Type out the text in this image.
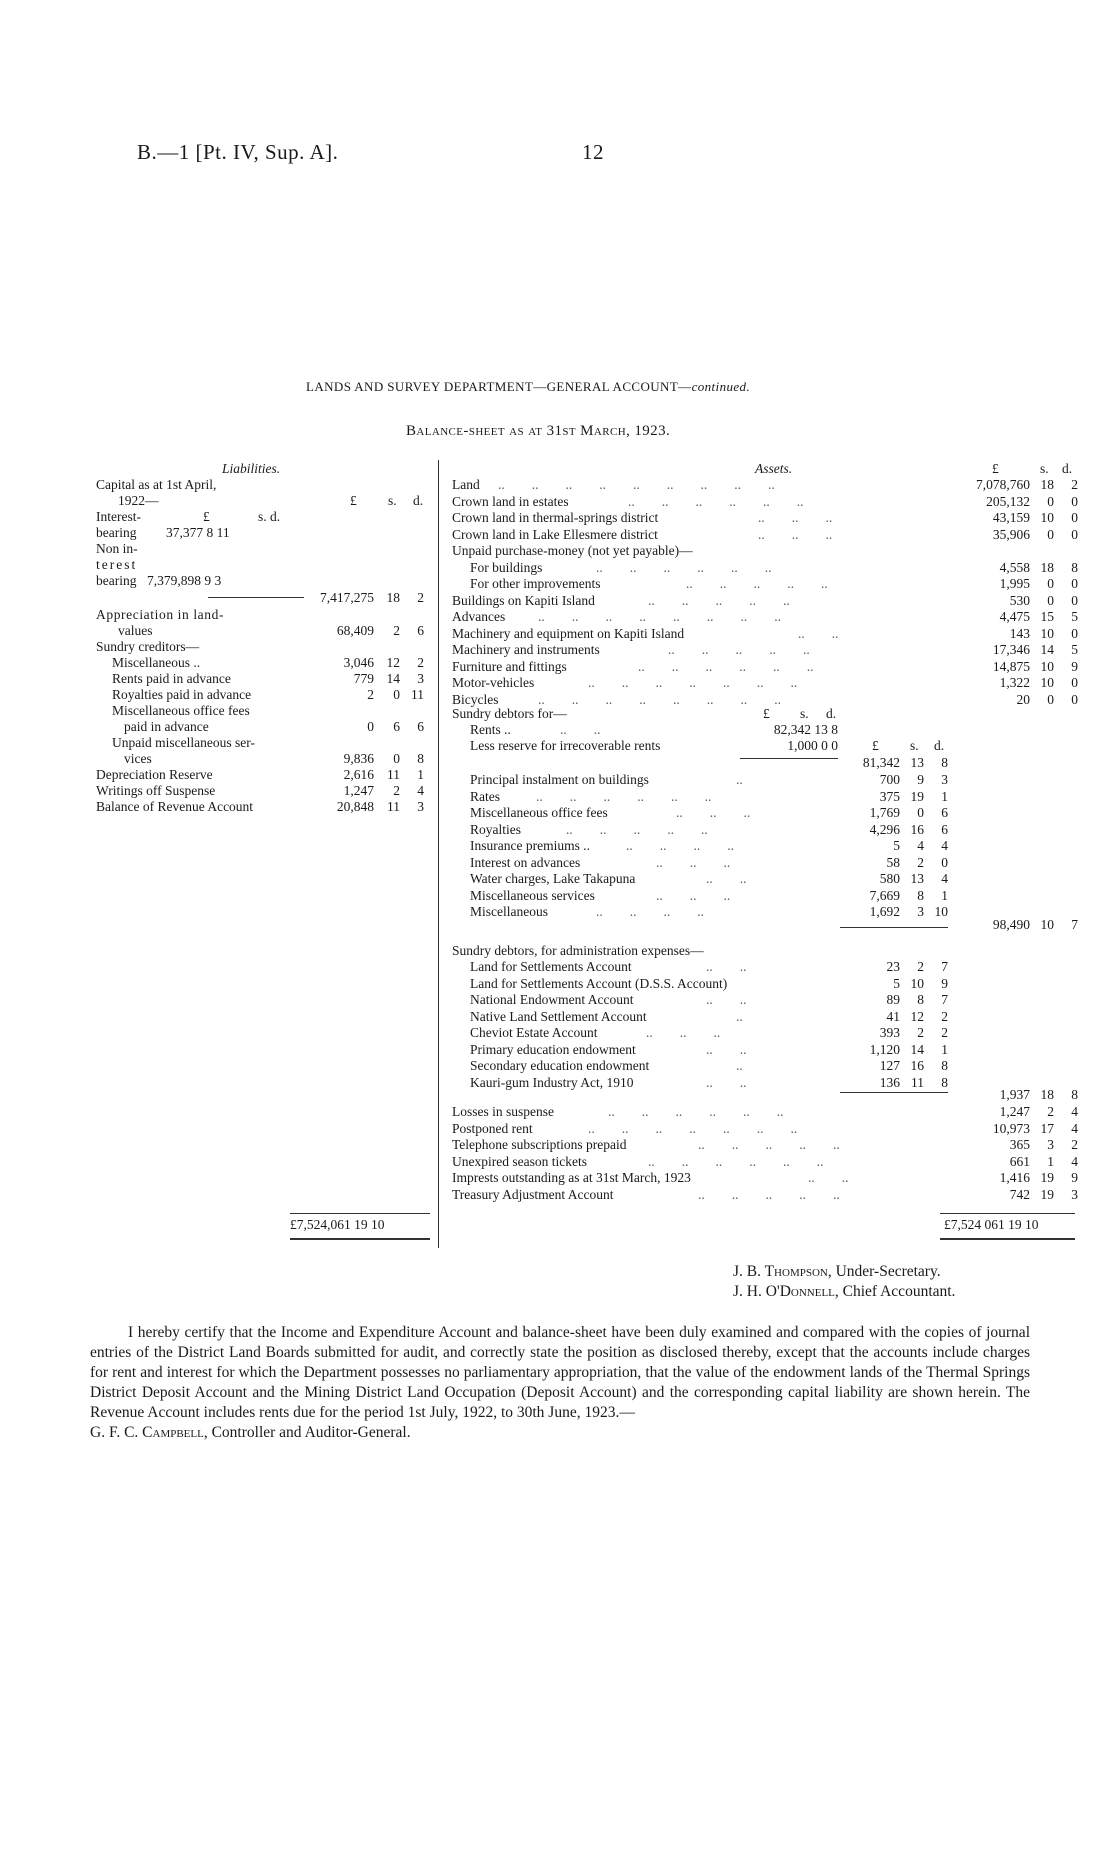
B.—1 [Pt. IV, Sup. A].	12
LANDS AND SURVEY DEPARTMENT—GENERAL ACCOUNT—continued.
Balance-sheet as at 31st March, 1923.
Liabilities.
Capital as at 1st April,
1922—	£ s. d.
Interest-	£	s. d.
bearing 37,377 8 11
Non in-
terest
bearing 7,379,898 9 3
7,417,275 18	2
Appreciation in land-
values	68,409	2	6
Sundry creditors—
Miscellaneous ..	3,046 12	2
Rents paid in advance	779 14	3
Royalties paid in advance	2	0 11
Miscellaneous office fees
paid in advance	0	6	6
Unpaid miscellaneous ser-
vices	9,836	0	8
Depreciation Reserve	2,616 11	1
Writings off Suspense	1,247	2	4
Balance of Revenue Account	20,848 11	3
£7,524,061 19 10
Assets.	£	s. d.
Land ..        ..        ..        ..        ..        ..        ..        ..        ..	7,078,760 18	2
Crown land in estates	..        ..        ..        ..        ..        ..	205,132	0	0
Crown land in thermal-springs district	..        ..        ..	43,159 10	0
Crown land in Lake Ellesmere district	..        ..        ..	35,906	0	0
Unpaid purchase-money (not yet payable)—
For buildings	..        ..        ..        ..        ..        ..	4,558 18	8
For other improvements	..        ..        ..        ..        ..	1,995	0	0
Buildings on Kapiti Island	..        ..        ..        ..        ..	530	0	0
Advances ..        ..        ..        ..        ..        ..        ..        ..	4,475 15	5
Machinery and equipment on Kapiti Island	..        ..	143 10	0
Machinery and instruments	..        ..        ..        ..        ..	17,346 14	5
Furniture and fittings	..        ..        ..        ..        ..        ..	14,875 10	9
Motor-vehicles	..        ..        ..        ..        ..        ..        ..	1,322 10	0
Bicycles	..        ..        ..        ..        ..        ..        ..        ..	20	0	0
Sundry debtors for—	£ s. d.
Rents ..	..        ..	82,342 13 8
Less reserve for irrecoverable rents	1,000 0 0	£ s. d.
81,342 13	8
Principal instalment on buildings	..	700	9	3
Rates	..        ..        ..        ..        ..        ..	375 19	1
Miscellaneous office fees	..        ..        ..	1,769	0	6
Royalties	..        ..        ..        ..        ..	4,296 16	6
Insurance premiums ..	..        ..        ..        ..	5	4	4
Interest on advances	..        ..        ..	58	2	0
Water charges, Lake Takapuna	..        ..	580 13	4
Miscellaneous services	..        ..        ..	7,669	8	1
Miscellaneous	..        ..        ..        ..	1,692	3 10
98,490 10	7
Sundry debtors, for administration expenses—
Land for Settlements Account	..        ..	23	2	7
Land for Settlements Account (D.S.S. Account)	5 10	9
National Endowment Account	..        ..	89	8	7
Native Land Settlement Account	..	41 12	2
Cheviot Estate Account	..        ..        ..	393	2	2
Primary education endowment	..        ..	1,120 14	1
Secondary education endowment	..	127 16	8
Kauri-gum Industry Act, 1910	..        ..	136 11	8
1,937 18	8
Losses in suspense	..        ..        ..        ..        ..        ..	1,247	2	4
Postponed rent	..        ..        ..        ..        ..        ..        ..	10,973 17	4
Telephone subscriptions prepaid	..        ..        ..        ..        ..	365	3	2
Unexpired season tickets	..        ..        ..        ..        ..        ..	661	1	4
Imprests outstanding as at 31st March, 1923	..        ..	1,416 19	9
Treasury Adjustment Account	..        ..        ..        ..        ..	742 19	3
£7,524 061 19 10
J. B. Thompson, Under-Secretary.
J. H. O'Donnell, Chief Accountant.
I hereby certify that the Income and Expenditure Account and balance-sheet have been duly examined and compared with the copies of journal entries of the District Land Boards submitted for audit, and correctly state the position as disclosed thereby, except that the accounts include charges for rent and interest for which the Department possesses no parliamentary appropriation, that the value of the endowment lands of the Thermal Springs District Deposit Account and the Mining District Land Occupation (Deposit Account) and the corresponding capital liability are shown herein. The Revenue Account includes rents due for the period 1st July, 1922, to 30th June, 1923.—
G. F. C. Campbell, Controller and Auditor-General.
